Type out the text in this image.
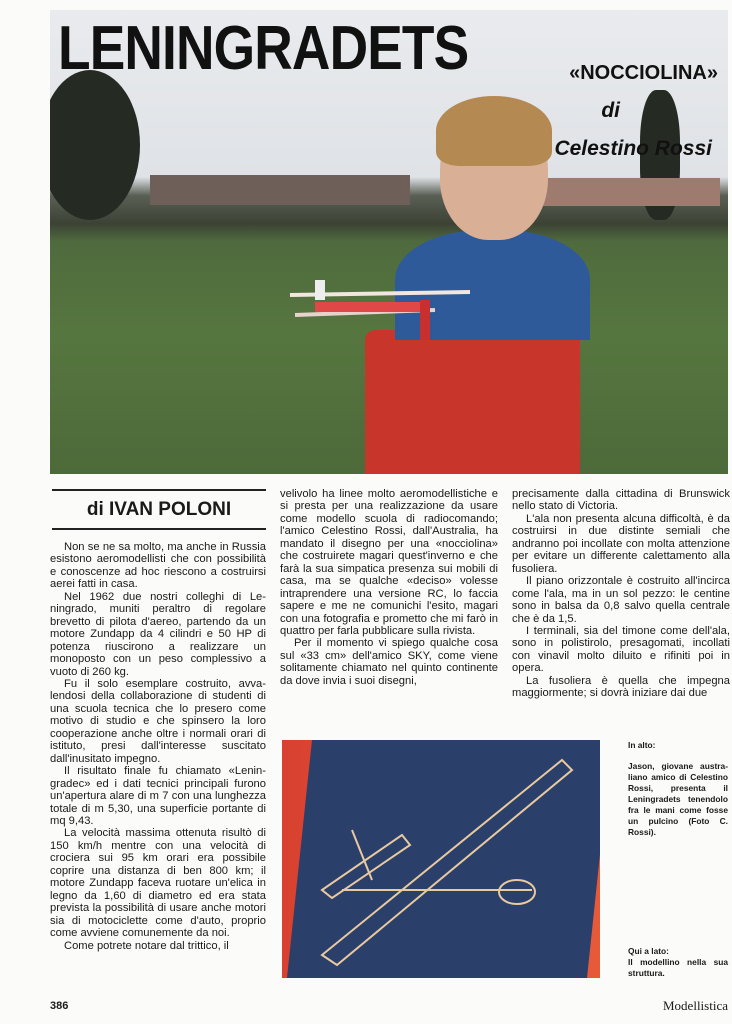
LENINGRADETS	«NOCCIOLINA»
di
Celestino Rossi
di IVAN POLONI

Non se ne sa molto, ma anche in Russia esistono aeromodellisti che con possibilità e conoscenze ad hoc riescono a costruirsi aerei fatti in casa.

Nel 1962 due nostri colleghi di Leningrado, muniti peraltro di regolare brevetto di pilota d'aereo, partendo da un motore Zundapp da 4 cilindri e 50 HP di potenza riuscirono a realizzare un monoposto con un peso complessivo a vuoto di 260 kg.

Fu il solo esemplare costruito, avvalendosi della collaborazione di studenti di una scuola tecnica che lo presero come motivo di studio e che spinsero la loro cooperazione anche oltre i normali orari di istituto, presi dall'interesse suscitato dall'inusitato impegno.

Il risultato finale fu chiamato «Leningradec» ed i dati tecnici principali furono un'apertura alare di m 7 con una lunghezza totale di m 5,30, una superficie portante di mq 9,43.

La velocità massima ottenuta risultò di 150 km/h mentre con una velocità di crociera sui 95 km orari era possibile coprire una distanza di ben 800 km; il motore Zundapp faceva ruotare un'elica in legno da 1,60 di diametro ed era stata prevista la possibilità di usare anche motori sia di motociclette come d'auto, proprio come avviene comunemente da noi.

Come potrete notare dal trittico, il

velivolo ha linee molto aeromodellistiche e si presta per una realizzazione da usare come modello scuola di radiocomando; l'amico Celestino Rossi, dall'Australia, ha mandato il disegno per una «nocciolina» che costruirete magari quest'inverno e che farà la sua simpatica presenza sui mobili di casa, ma se qualche «deciso» volesse intraprendere una versione RC, lo faccia sapere e me ne comunichi l'esito, magari con una fotografia e prometto che mi farò in quattro per farla pubblicare sulla rivista.

Per il momento vi spiego qualche cosa sul «33 cm» dell'amico SKY, come viene solitamente chiamato nel quinto continente da dove invia i suoi disegni,

precisamente dalla cittadina di Brunswick nello stato di Victoria.

L'ala non presenta alcuna difficoltà, è da costruirsi in due distinte semiali che andranno poi incollate con molta attenzione per evitare un differente calettamento alla fusoliera.

Il piano orizzontale è costruito all'incirca come l'ala, ma in un sol pezzo: le centine sono in balsa da 0,8 salvo quella centrale che è da 1,5.

I terminali, sia del timone come dell'ala, sono in polistirolo, presagomati, incollati con vinavil molto diluito e rifiniti poi in opera.

La fusoliera è quella che impegna maggiormente; si dovrà iniziare dai due

In alto:
Jason, giovane australiano amico di Celestino Rossi, presenta il Leningradets tenendolo fra le mani come fosse un pulcino (Foto C. Rossi).
Qui a lato:
Il modellino nella sua struttura.
386	Modellistica
